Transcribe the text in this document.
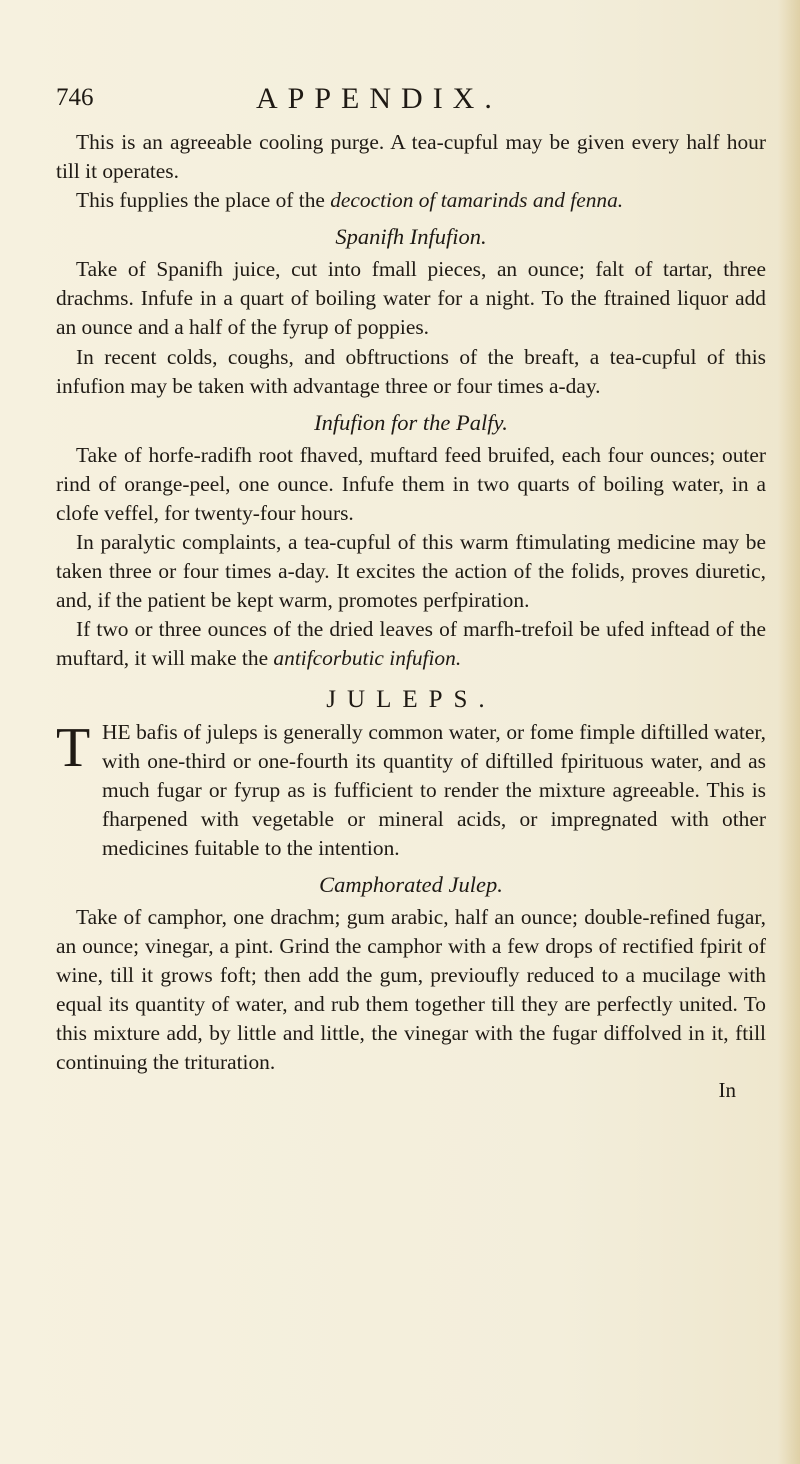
746	APPENDIX.

This is an agreeable cooling purge. A tea-cupful may be given every half hour till it operates.

This fupplies the place of the decoction of tamarinds and fenna.

Spanifh Infufion.

Take of Spanifh juice, cut into fmall pieces, an ounce; falt of tartar, three drachms. Infufe in a quart of boiling water for a night. To the ftrained liquor add an ounce and a half of the fyrup of poppies.

In recent colds, coughs, and obftructions of the breaft, a tea-cupful of this infufion may be taken with advantage three or four times a-day.

Infufion for the Palfy.

Take of horfe-radifh root fhaved, muftard feed bruifed, each four ounces; outer rind of orange-peel, one ounce. Infufe them in two quarts of boiling water, in a clofe veffel, for twenty-four hours.

In paralytic complaints, a tea-cupful of this warm ftimulating medicine may be taken three or four times a-day. It excites the action of the folids, proves diuretic, and, if the patient be kept warm, promotes perfpiration.

If two or three ounces of the dried leaves of marfh-trefoil be ufed inftead of the muftard, it will make the antifcorbutic infufion.

JULEPS.
T HE bafis of juleps is generally common water, or fome fimple diftilled water, with one-third or one-fourth its quantity of diftilled fpirituous water, and as much fugar or fyrup as is fufficient to render the mixture agreeable. This is fharpened with vegetable or mineral acids, or impregnated with other medicines fuitable to the intention.

Camphorated Julep.

Take of camphor, one drachm; gum arabic, half an ounce; double-refined fugar, an ounce; vinegar, a pint. Grind the camphor with a few drops of rectified fpirit of wine, till it grows foft; then add the gum, previoufly reduced to a mucilage with equal its quantity of water, and rub them together till they are perfectly united. To this mixture add, by little and little, the vinegar with the fugar diffolved in it, ftill continuing the trituration.

In
